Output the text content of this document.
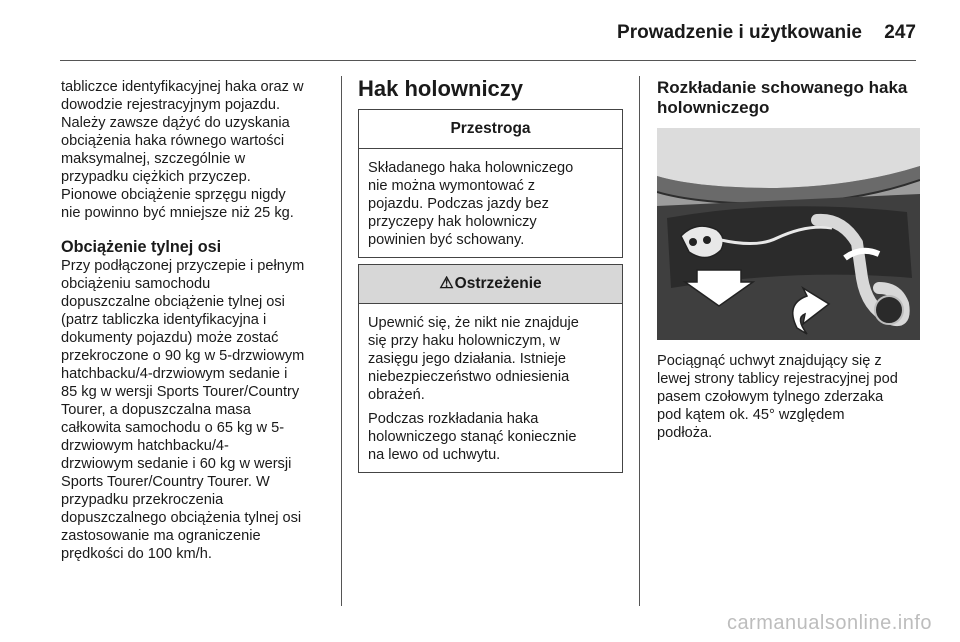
Prowadzenie i użytkowanie 247

tabliczce identyfikacyjnej haka oraz w
dowodzie rejestracyjnym pojazdu.
Należy zawsze dążyć do uzyskania
obciążenia haka równego wartości
maksymalnej, szczególnie w
przypadku ciężkich przyczep.
Pionowe obciążenie sprzęgu nigdy
nie powinno być mniejsze niż 25 kg.

Obciążenie tylnej osi

Przy podłączonej przyczepie i pełnym
obciążeniu samochodu
dopuszczalne obciążenie tylnej osi
(patrz tabliczka identyfikacyjna i
dokumenty pojazdu) może zostać
przekroczone o 90 kg w 5-drzwiowym
hatchbacku/4-drzwiowym sedanie i
85 kg w wersji Sports Tourer/Country
Tourer, a dopuszczalna masa
całkowita samochodu o 65 kg w 5-
drzwiowym hatchbacku/4-
drzwiowym sedanie i 60 kg w wersji
Sports Tourer/Country Tourer. W
przypadku przekroczenia
dopuszczalnego obciążenia tylnej osi
zastosowanie ma ograniczenie
prędkości do 100 km/h.

Hak holowniczy
Przestroga

Składanego haka holowniczego
nie można wymontować z
pojazdu. Podczas jazdy bez
przyczepy hak holowniczy
powinien być schowany.

⚠Ostrzeżenie

Upewnić się, że nikt nie znajduje
się przy haku holowniczym, w
zasięgu jego działania. Istnieje
niebezpieczeństwo odniesienia
obrażeń.

Podczas rozkładania haka
holowniczego stanąć koniecznie
na lewo od uchwytu.

Rozkładanie schowanego haka
holowniczego

Pociągnąć uchwyt znajdujący się z
lewej strony tablicy rejestracyjnej pod
pasem czołowym tylnego zderzaka
pod kątem ok. 45° względem
podłoża.

carmanualsonline.info
